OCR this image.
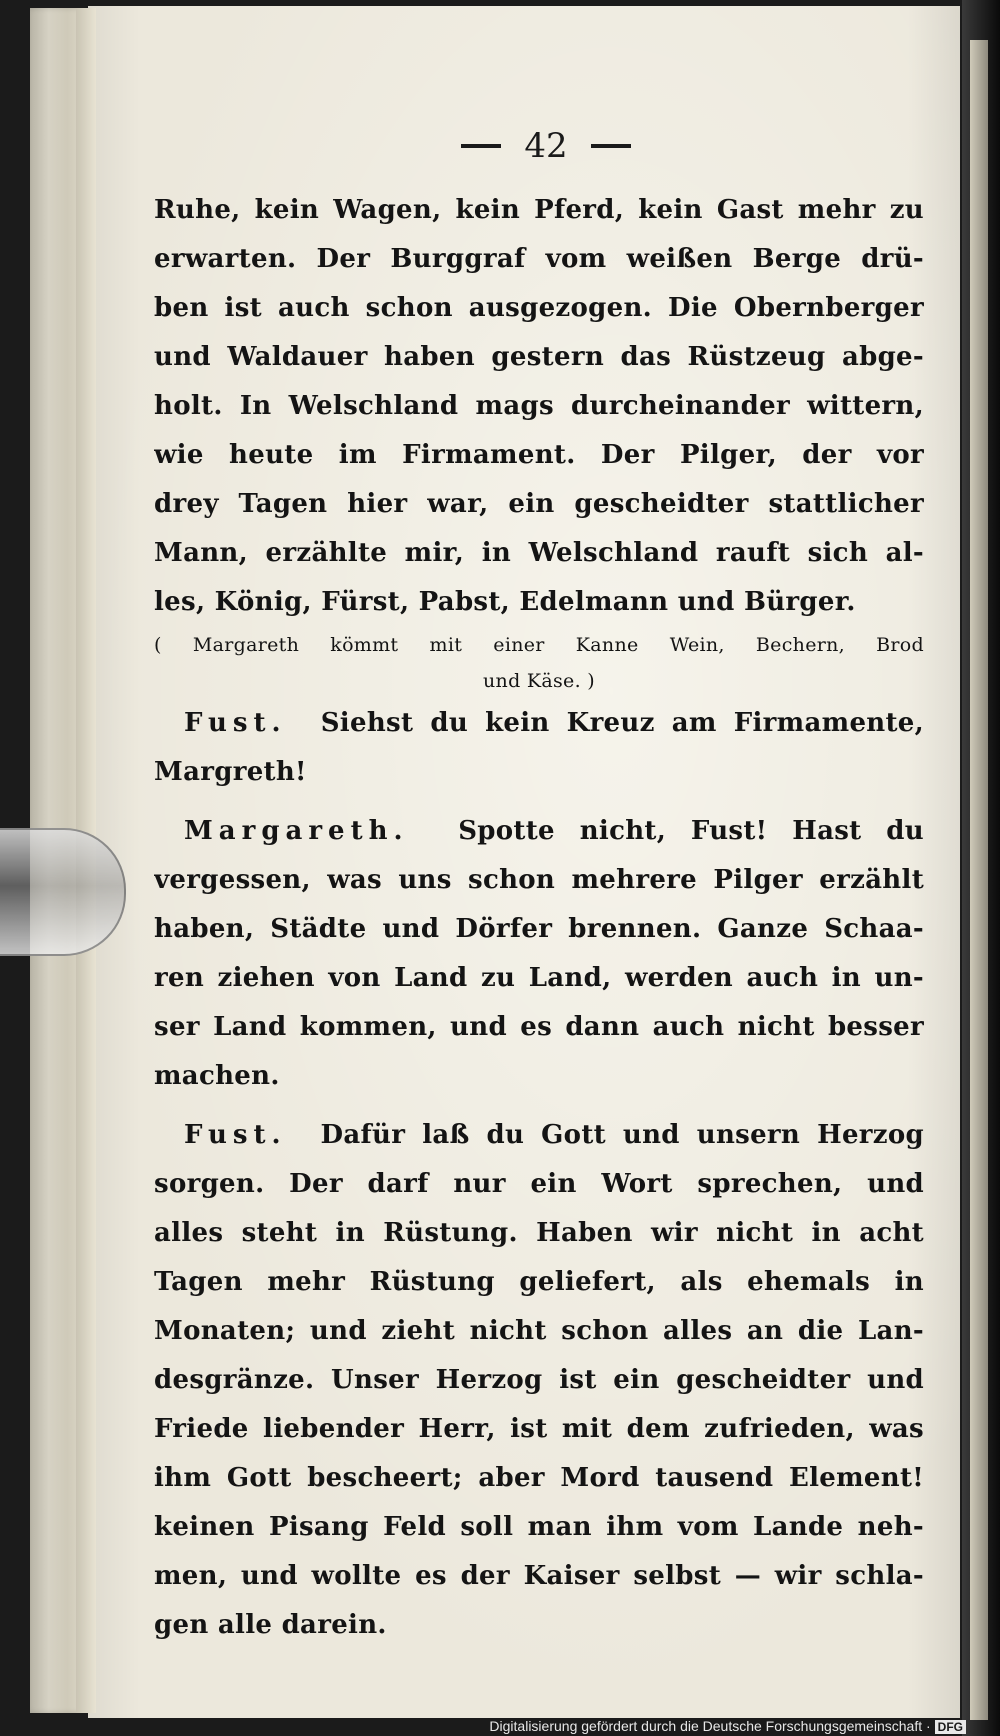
42
Ruhe, kein Wagen, kein Pferd, kein Gast mehr zu
erwarten. Der Burggraf vom weißen Berge drü-
ben ist auch schon ausgezogen. Die Obernberger
und Waldauer haben gestern das Rüstzeug abge-
holt. In Welschland mags durcheinander wittern,
wie heute im Firmament. Der Pilger, der vor
drey Tagen hier war, ein gescheidter stattlicher
Mann, erzählte mir, in Welschland rauft sich al-
les, König, Fürst, Pabst, Edelmann und Bürger.
( Margareth kömmt mit einer Kanne Wein, Bechern, Brod
und Käse. )
Fust. Siehst du kein Kreuz am Firmamente,
Margreth!
Margareth. Spotte nicht, Fust! Hast du
vergessen, was uns schon mehrere Pilger erzählt
haben, Städte und Dörfer brennen. Ganze Schaa-
ren ziehen von Land zu Land, werden auch in un-
ser Land kommen, und es dann auch nicht besser
machen.
Fust. Dafür laß du Gott und unsern Herzog
sorgen. Der darf nur ein Wort sprechen, und
alles steht in Rüstung. Haben wir nicht in acht
Tagen mehr Rüstung geliefert, als ehemals in
Monaten; und zieht nicht schon alles an die Lan-
desgränze. Unser Herzog ist ein gescheidter und
Friede liebender Herr, ist mit dem zufrieden, was
ihm Gott bescheert; aber Mord tausend Element!
keinen Pisang Feld soll man ihm vom Lande neh-
men, und wollte es der Kaiser selbst — wir schla-
gen alle darein.
Digitalisierung gefördert durch die Deutsche Forschungsgemeinschaft · DFG
